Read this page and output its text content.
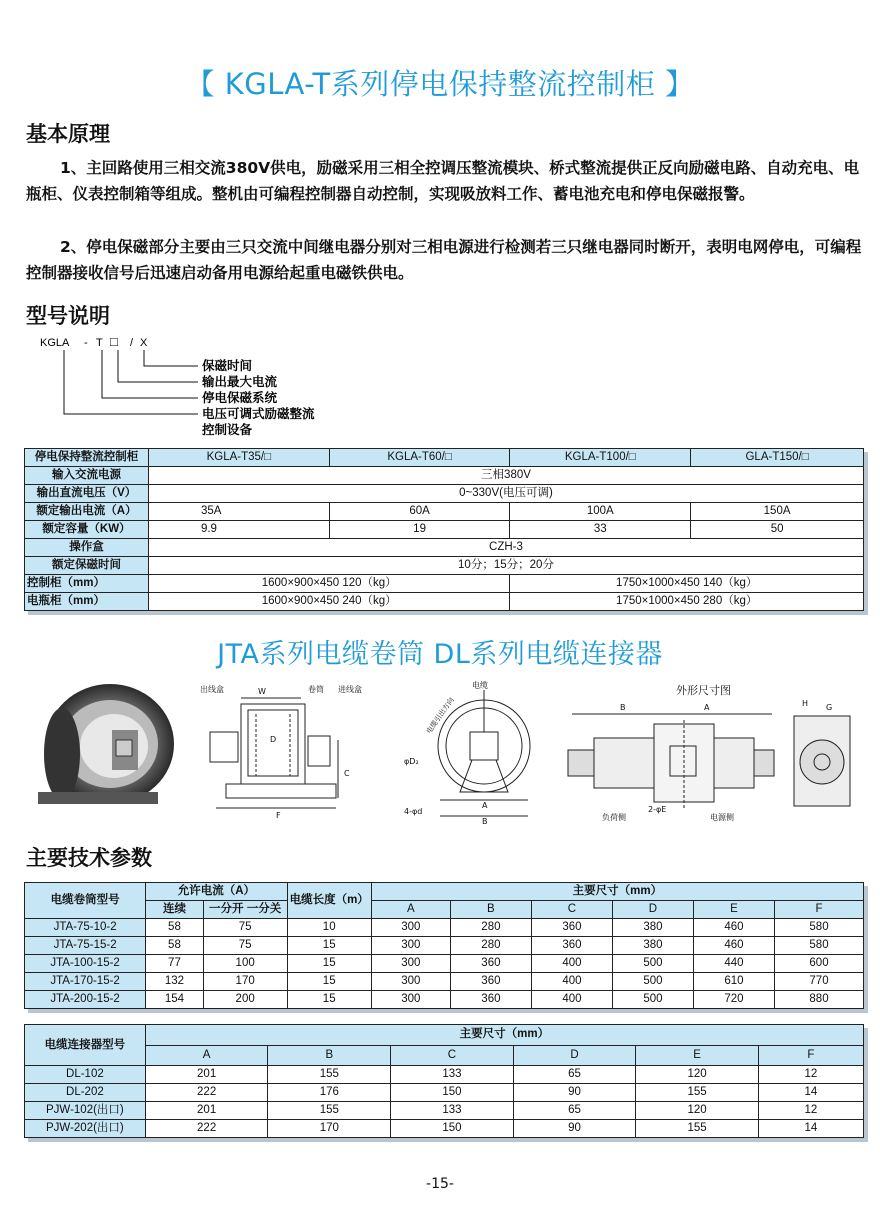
【 KGLA-T系列停电保持整流控制柜 】
基本原理
1、主回路使用三相交流380V供电，励磁采用三相全控调压整流模块、桥式整流提供正反向励磁电路、自动充电、电瓶柜、仪表控制箱等组成。整机由可编程控制器自动控制，实现吸放料工作、蓄电池充电和停电保磁报警。
2、停电保磁部分主要由三只交流中间继电器分别对三相电源进行检测若三只继电器同时断开，表明电网停电，可编程控制器接收信号后迅速启动备用电源给起重电磁铁供电。
型号说明
KGLA - T □ / X
保磁时间
输出最大电流
停电保磁系统
电压可调式励磁整流
控制设备
停电保持整流控制柜	KGLA-T35/□	KGLA-T60/□	KGLA-T100/□	GLA-T150/□
输入交流电源	三相380V			
输出直流电压（V）	0~330V(电压可调)			
额定输出电流（A）	35A	60A	100A	150A
额定容量（KW）	9.9	19	33	50
操作盒	CZH-3			
额定保磁时间	10分；15分；20分			
控制柜（mm）	1600×900×450 120（kg）		1750×1000×450 140（kg）	
电瓶柜（mm）	1600×900×450 240（kg）		1750×1000×450 280（kg）	
JTA系列电缆卷筒 DL系列电缆连接器
出线盒	W	卷筒 进线盒
C
F
D
电缆
电缆引出方向
φD₂
4-φd
A
B
外形尺寸图
B	A	H G
负荷侧
2-φE
电源侧
主要技术参数
电缆卷筒型号	允许电流（A）		电缆长度（m）	主要尺寸（mm）					
	连续	一分开 一分关		A	B	C	D	E	F
JTA-75-10-2	58	75	10	300	280	360	380	460	580
JTA-75-15-2	58	75	15	300	280	360	380	460	580
JTA-100-15-2	77	100	15	300	360	400	500	440	600
JTA-170-15-2	132	170	15	300	360	400	500	610	770
JTA-200-15-2	154	200	15	300	360	400	500	720	880
电缆连接器型号	主要尺寸（mm）					
	A	B	C	D	E	F
DL-102	201	155	133	65	120	12
DL-202	222	176	150	90	155	14
PJW-102(出口)	201	155	133	65	120	12
PJW-202(出口)	222	170	150	90	155	14
-15-
